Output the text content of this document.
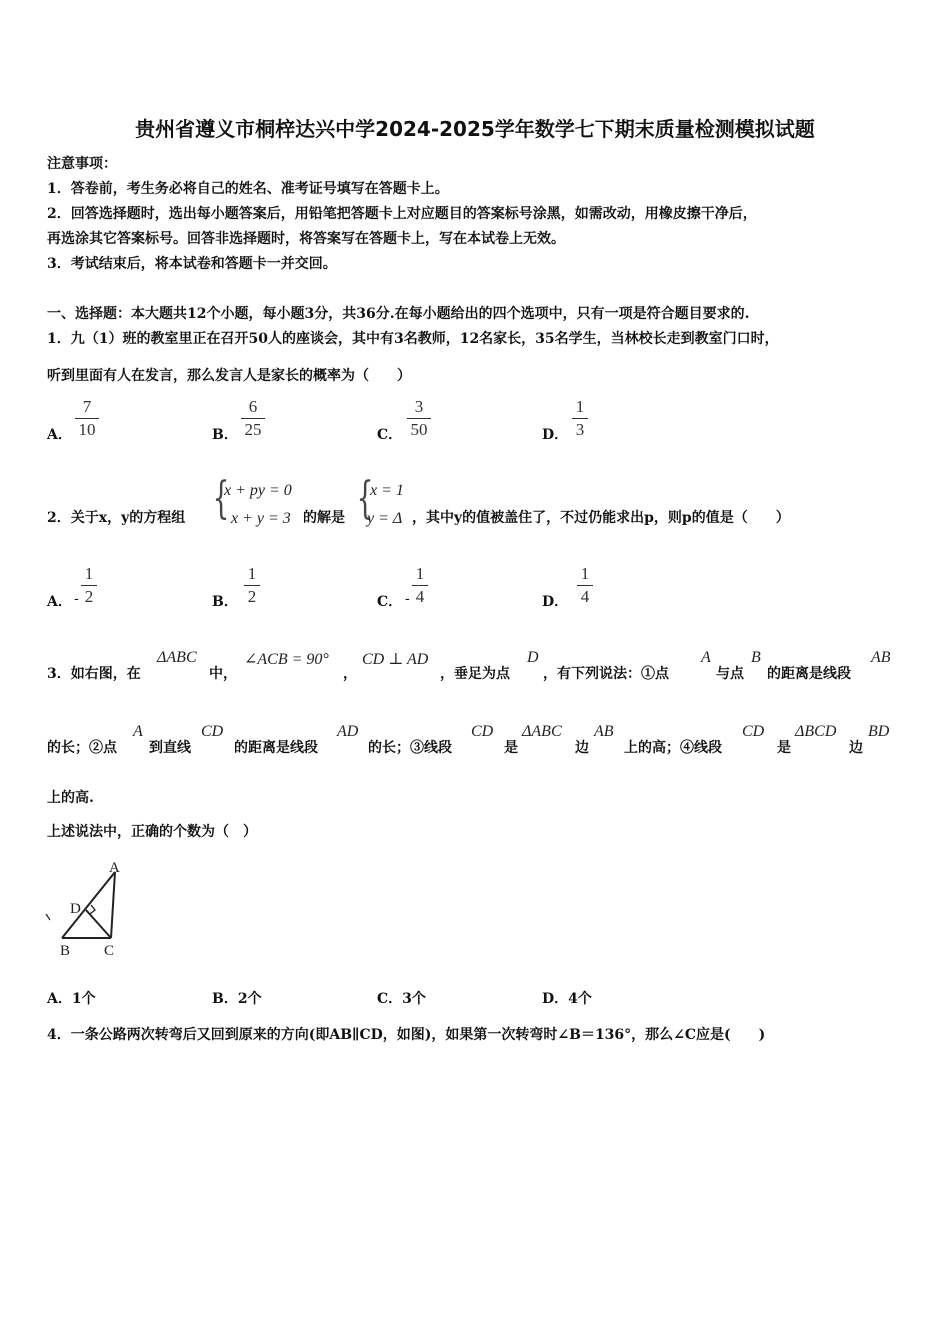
贵州省遵义市桐梓达兴中学2024-2025学年数学七下期末质量检测模拟试题
注意事项：
1．答卷前，考生务必将自己的姓名、准考证号填写在答题卡上。
2．回答选择题时，选出每小题答案后，用铅笔把答题卡上对应题目的答案标号涂黑，如需改动，用橡皮擦干净后，
再选涂其它答案标号。回答非选择题时，将答案写在答题卡上，写在本试卷上无效。
3．考试结束后，将本试卷和答题卡一并交回。
一、选择题：本大题共12个小题，每小题3分，共36分.在每小题给出的四个选项中，只有一项是符合题目要求的.
1．九（1）班的教室里正在召开50人的座谈会，其中有3名教师，12名家长，35名学生，当林校长走到教室门口时，
听到里面有人在发言，那么发言人是家长的概率为（　　）
A．
7
10	B．
6
25	C．
3
50	D．
1
3
2．关于x，y的方程组 {
x + py = 0
x + y = 3 的解是 {
x = 1
y = Δ ，其中y的值被盖住了，不过仍能求出p，则p的值是（　　）
A． -
1
2	B．
1
2	C． -
1
4	D．
1
4
3．如右图，在
ΔABC
中，
∠ACB = 90°
，
CD ⊥ AD
，垂足为点
D
，有下列说法：①点
A
与点
B
的距离是线段
AB
的长；②点
A
到直线
CD
的距离是线段
AD
的长；③线段
CD
是
ΔABC
边
AB
上的高；④线段
CD
是
ΔBCD
边
BD
上的高.
上述说法中，正确的个数为（　）
A
D
B C
A．1个	B．2个	C．3个	D．4个
4．一条公路两次转弯后又回到原来的方向(即AB∥CD，如图)，如果第一次转弯时∠B＝136°，那么∠C应是(　　)
